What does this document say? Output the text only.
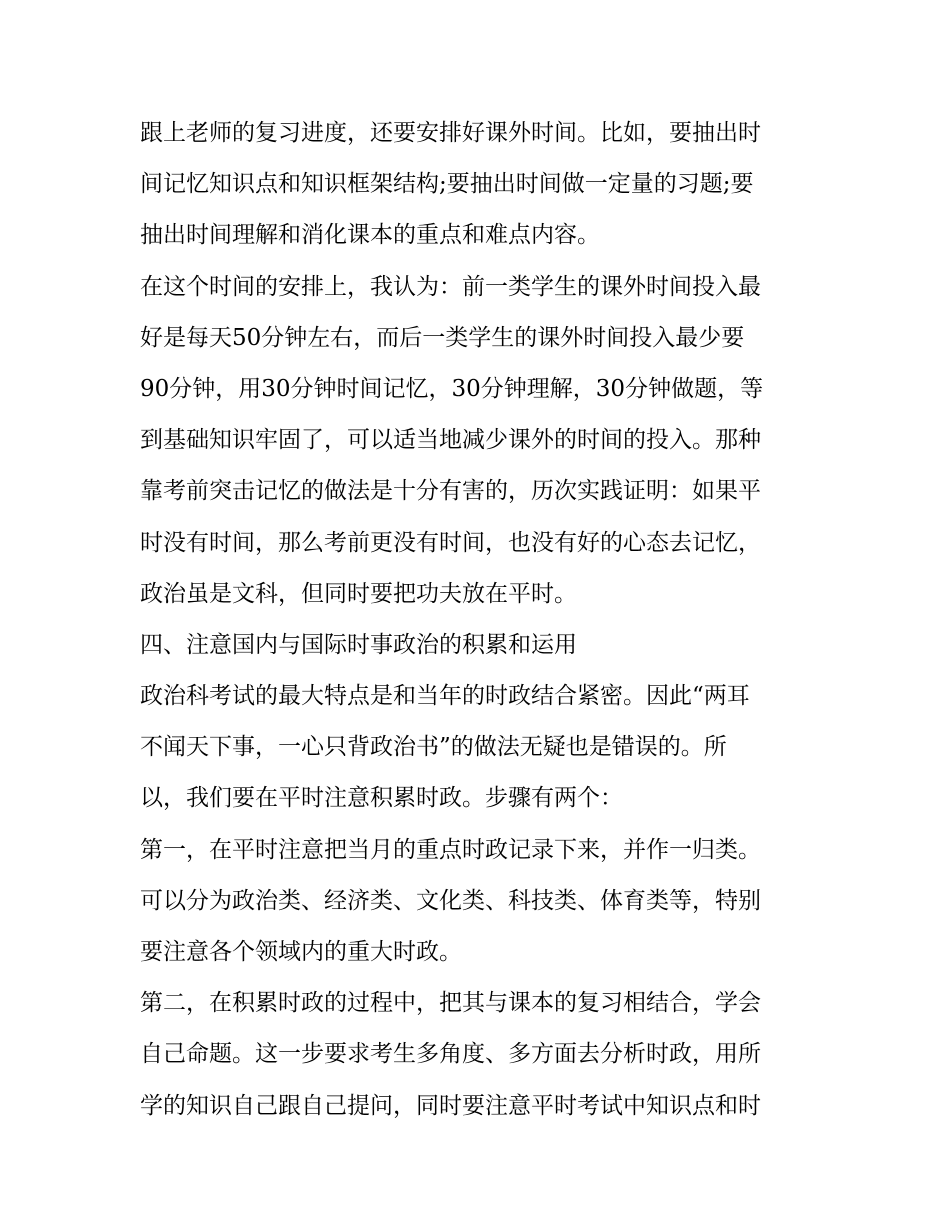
跟上老师的复习进度，还要安排好课外时间。比如，要抽出时
间记忆知识点和知识框架结构;要抽出时间做一定量的习题;要
抽出时间理解和消化课本的重点和难点内容。
在这个时间的安排上，我认为：前一类学生的课外时间投入最
好是每天50分钟左右，而后一类学生的课外时间投入最少要
90分钟，用30分钟时间记忆，30分钟理解，30分钟做题，等
到基础知识牢固了，可以适当地减少课外的时间的投入。那种
靠考前突击记忆的做法是十分有害的，历次实践证明：如果平
时没有时间，那么考前更没有时间，也没有好的心态去记忆，
政治虽是文科，但同时要把功夫放在平时。
四、注意国内与国际时事政治的积累和运用
政治科考试的最大特点是和当年的时政结合紧密。因此“两耳
不闻天下事，一心只背政治书”的做法无疑也是错误的。所
以，我们要在平时注意积累时政。步骤有两个：
第一，在平时注意把当月的重点时政记录下来，并作一归类。
可以分为政治类、经济类、文化类、科技类、体育类等，特别
要注意各个领域内的重大时政。
第二，在积累时政的过程中，把其与课本的复习相结合，学会
自己命题。这一步要求考生多角度、多方面去分析时政，用所
学的知识自己跟自己提问，同时要注意平时考试中知识点和时
